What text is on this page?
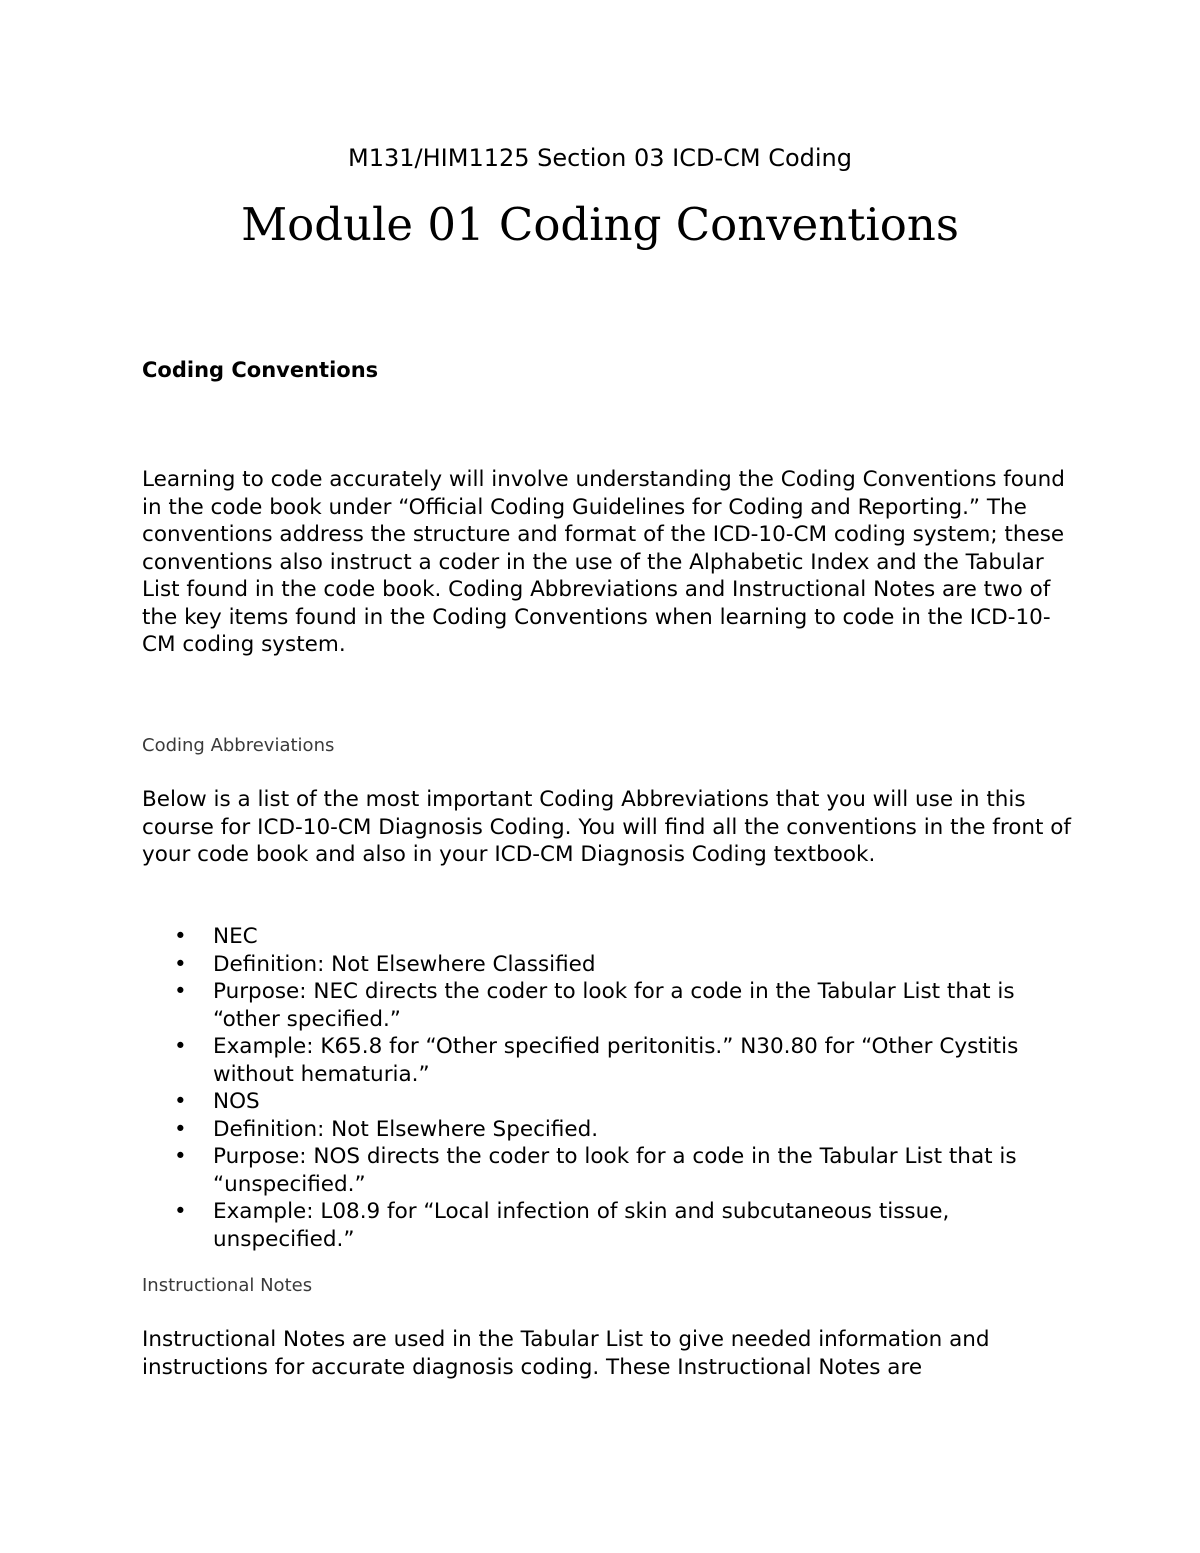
M131/HIM1125 Section 03 ICD-CM Coding
Module 01 Coding Conventions
Coding Conventions

Learning to code accurately will involve understanding the Coding Conventions found in the code book under “Official Coding Guidelines for Coding and Reporting.” The conventions address the structure and format of the ICD-10-CM coding system; these conventions also instruct a coder in the use of the Alphabetic Index and the Tabular List found in the code book. Coding Abbreviations and Instructional Notes are two of the key items found in the Coding Conventions when learning to code in the ICD-10-CM coding system.

Coding Abbreviations

Below is a list of the most important Coding Abbreviations that you will use in this course for ICD-10-CM Diagnosis Coding. You will find all the conventions in the front of your code book and also in your ICD-CM Diagnosis Coding textbook.

• NEC
• Definition: Not Elsewhere Classified
• Purpose: NEC directs the coder to look for a code in the Tabular List that is “other specified.”
• Example: K65.8 for “Other specified peritonitis.” N30.80 for “Other Cystitis without hematuria.”
• NOS
• Definition: Not Elsewhere Specified.
• Purpose: NOS directs the coder to look for a code in the Tabular List that is “unspecified.”
• Example: L08.9 for “Local infection of skin and subcutaneous tissue, unspecified.”
Instructional Notes

Instructional Notes are used in the Tabular List to give needed information and instructions for accurate diagnosis coding. These Instructional Notes are
